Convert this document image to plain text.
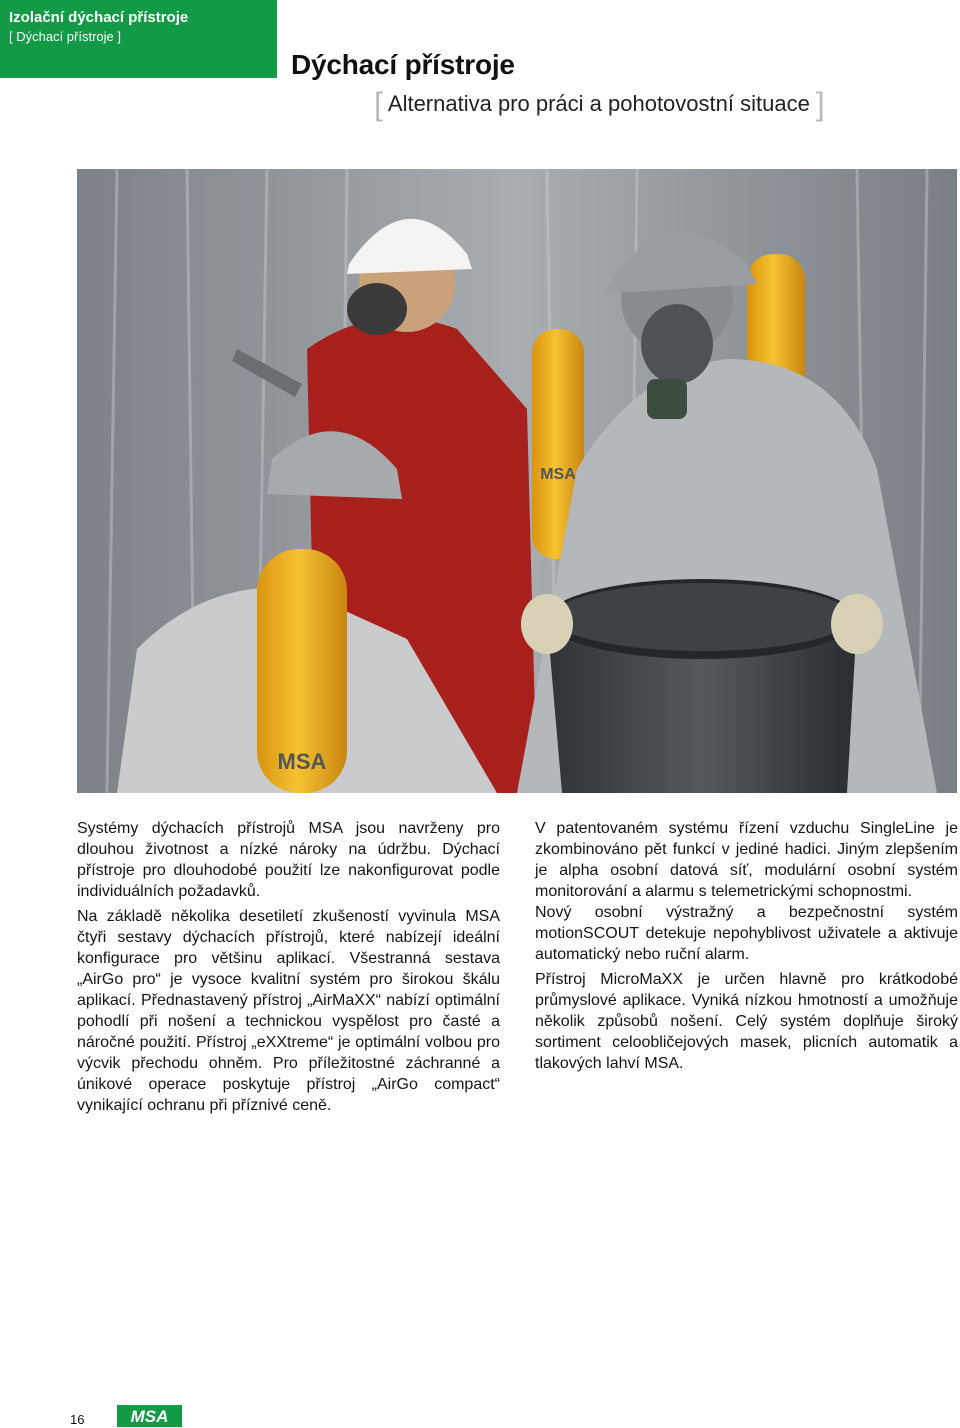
Izolační dýchací přístroje
[ Dýchací přístroje ]
Dýchací přístroje
[ Alternativa pro práci a pohotovostní situace ]
MSA
MSA

Systémy dýchacích přístrojů MSA jsou navrženy pro dlouhou životnost a nízké nároky na údržbu. Dýchací přístroje pro dlouhodobé použití lze nakonfigurovat podle individuálních požadavků.

Na základě několika desetiletí zkušeností vyvinula MSA čtyři sestavy dýchacích přístrojů, které nabízejí ideální konfigurace pro většinu aplikací. Všestranná sestava „AirGo pro“ je vysoce kvalitní systém pro širokou škálu aplikací. Přednastavený přístroj „AirMaXX“ nabízí optimální pohodlí při nošení a technickou vyspělost pro časté a náročné použití. Přístroj „eXXtreme“ je optimální volbou pro výcvik přechodu ohněm. Pro příležitostné záchranné a únikové operace poskytuje přístroj „AirGo compact“ vynikající ochranu při příznivé ceně.

V patentovaném systému řízení vzduchu SingleLine je zkombinováno pět funkcí v jediné hadici. Jiným zlepšením je alpha osobní datová síť, modulární osobní systém monitorování a alarmu s telemetrickými schopnostmi.

Nový osobní výstražný a bezpečnostní systém motionSCOUT detekuje nepohyblivost uživatele a aktivuje automatický nebo ruční alarm.

Přístroj MicroMaXX je určen hlavně pro krátkodobé průmyslové aplikace. Vyniká nízkou hmotností a umožňuje několik způsobů nošení. Celý systém doplňuje široký sortiment celoobličejových masek, plicních automatik a tlakových lahví MSA.

16	MSA
